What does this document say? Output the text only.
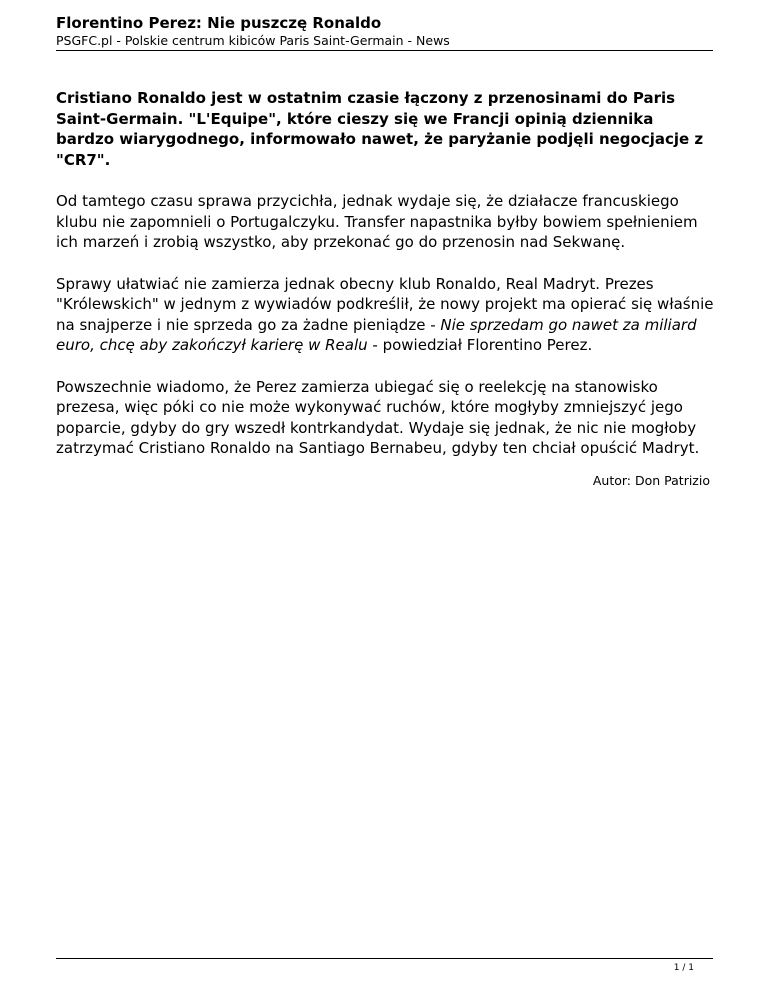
Florentino Perez: Nie puszczę Ronaldo

PSGFC.pl - Polskie centrum kibiców Paris Saint-Germain - News

Cristiano Ronaldo jest w ostatnim czasie łączony z przenosinami do Paris Saint-Germain. "L'Equipe", które cieszy się we Francji opinią dziennika bardzo wiarygodnego, informowało nawet, że paryżanie podjęli negocjacje z "CR7".

Od tamtego czasu sprawa przycichła, jednak wydaje się, że działacze francuskiego klubu nie zapomnieli o Portugalczyku. Transfer napastnika byłby bowiem spełnieniem ich marzeń i zrobią wszystko, aby przekonać go do przenosin nad Sekwanę.

Sprawy ułatwiać nie zamierza jednak obecny klub Ronaldo, Real Madryt. Prezes "Królewskich" w jednym z wywiadów podkreślił, że nowy projekt ma opierać się właśnie na snajperze i nie sprzeda go za żadne pieniądze - Nie sprzedam go nawet za miliard euro, chcę aby zakończył karierę w Realu - powiedział Florentino Perez.

Powszechnie wiadomo, że Perez zamierza ubiegać się o reelekcję na stanowisko prezesa, więc póki co nie może wykonywać ruchów, które mogłyby zmniejszyć jego poparcie, gdyby do gry wszedł kontrkandydat. Wydaje się jednak, że nic nie mogłoby zatrzymać Cristiano Ronaldo na Santiago Bernabeu, gdyby ten chciał opuścić Madryt.

Autor: Don Patrizio
1 / 1
